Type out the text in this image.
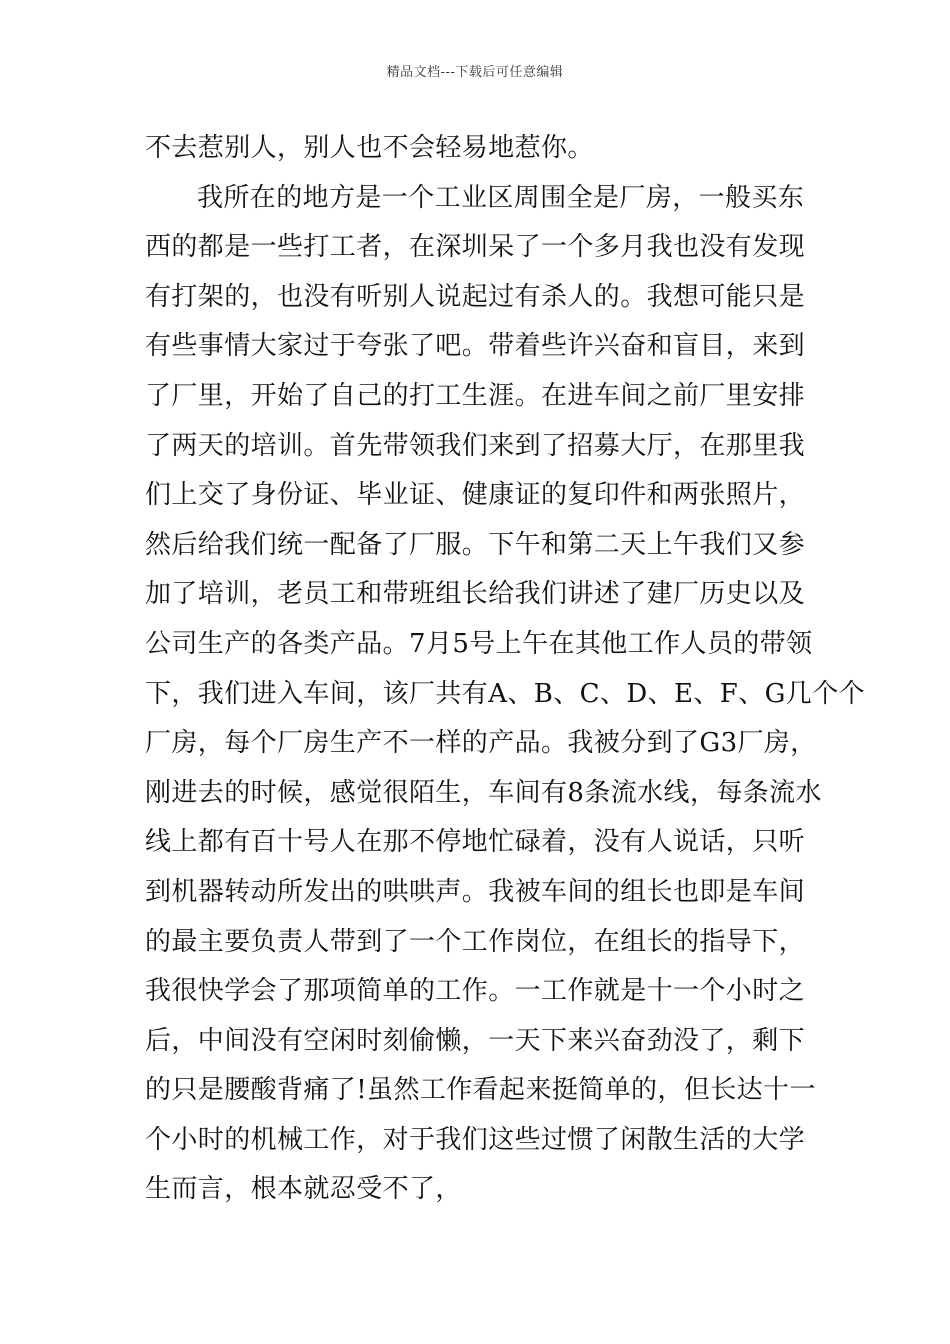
精品文档---下载后可任意编辑
不去惹别人，别人也不会轻易地惹你。
我所在的地方是一个工业区周围全是厂房，一般买东
西的都是一些打工者，在深圳呆了一个多月我也没有发现
有打架的，也没有听别人说起过有杀人的。我想可能只是
有些事情大家过于夸张了吧。带着些许兴奋和盲目，来到
了厂里，开始了自己的打工生涯。在进车间之前厂里安排
了两天的培训。首先带领我们来到了招募大厅，在那里我
们上交了身份证、毕业证、健康证的复印件和两张照片，
然后给我们统一配备了厂服。下午和第二天上午我们又参
加了培训，老员工和带班组长给我们讲述了建厂历史以及
公司生产的各类产品。7月5号上午在其他工作人员的带领
下，我们进入车间，该厂共有A、B、C、D、E、F、G几个个
厂房，每个厂房生产不一样的产品。我被分到了G3厂房，
刚进去的时候，感觉很陌生，车间有8条流水线，每条流水
线上都有百十号人在那不停地忙碌着，没有人说话，只听
到机器转动所发出的哄哄声。我被车间的组长也即是车间
的最主要负责人带到了一个工作岗位，在组长的指导下，
我很快学会了那项简单的工作。一工作就是十一个小时之
后，中间没有空闲时刻偷懒，一天下来兴奋劲没了，剩下
的只是腰酸背痛了!虽然工作看起来挺简单的，但长达十一
个小时的机械工作，对于我们这些过惯了闲散生活的大学
生而言，根本就忍受不了，
